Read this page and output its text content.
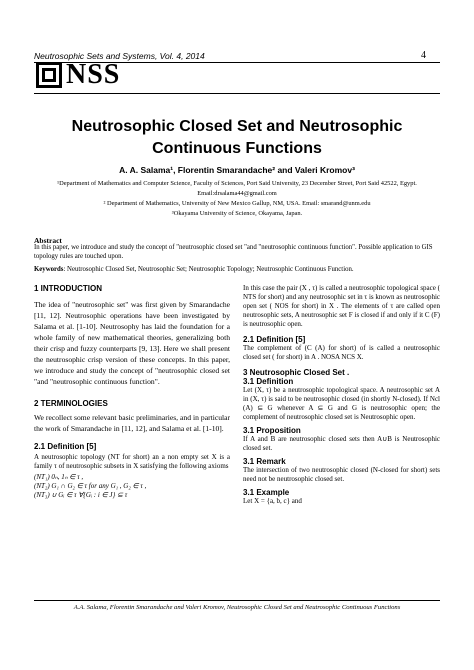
Neutrosophic Sets and Systems, Vol. 4, 2014	4
NSS
Neutrosophic Closed Set and Neutrosophic Continuous Functions
A. A. Salama¹, Florentin Smarandache² and Valeri Kromov³
¹Department of Mathematics and Computer Science, Faculty of Sciences, Port Said University, 23 December Street, Port Said 42522, Egypt.
Email:drsalama44@gmail.com
² Department of Mathematics, University of New Mexico Gallup, NM, USA. Email: smarand@unm.edu
³Okayama University of Science, Okayama, Japan.
Abstract
In this paper, we introduce and study the concept of "neutrosophic closed set "and "neutrosophic continuous function". Possible application to GIS topology rules are touched upon.
Keywords: Neutrosophic Closed Set, Neutrosophic Set; Neutrosophic Topology; Neutrosophic Continuous Function.

1 INTRODUCTION

The idea of "neutrosophic set" was first given by Smarandache [11, 12]. Neutrosophic operations have been investigated by Salama et al. [1-10]. Neutrosophy has laid the foundation for a whole family of new mathematical theories, generalizing both their crisp and fuzzy counterparts [9, 13]. Here we shall present the neutrosophic crisp version of these concepts. In this paper, we introduce and study the concept of "neutrosophic closed set "and "neutrosophic continuous function".

2 TERMINOLOGIES

We recollect some relevant basic preliminaries, and in particular the work of Smarandache in [11, 12], and Salama et al. [1-10].

2.1 Definition [5]

A neutrosophic topology (NT for short) an a non empty set X is a family τ of neutrosophic subsets in X satisfying the following axioms

(NT₁) 0ₙ, 1ₙ ∈ τ ,

(NT₂) G₁ ∩ G₂ ∈ τ for any G₁ , G₂ ∈ τ ,

(NT₃) ∪ Gᵢ ∈ τ ∀{Gᵢ : i ∈ J} ⊆ τ

In this case the pair (X , τ) is called a neutrosophic topological space ( NTS for short) and any neutrosophic set in τ is known as neutrosophic open set ( NOS for short) in X . The elements of τ are called open neutrosophic sets, A neutrosophic set F is closed if and only if it C (F) is neutrosophic open.

2.1 Definition [5]

The complement of (C (A) for short) of is called a neutrosophic closed set ( for short) in A . NOSA NCS X.

3 Neutrosophic Closed Set .

3.1 Definition

Let (X, τ) be a neutrosophic topological space. A neutrosophic set A in (X, τ) is said to be neutrosophic closed (in shortly N-closed). If Ncl (A) ⊆ G whenever A ⊆ G and G is neutrosophic open; the complement of neutrosophic closed set is Neutrosophic open.

3.1 Proposition

If A and B are neutrosophic closed sets then A∪B is Neutrosophic closed set.

3.1 Remark

The intersection of two neutrosophic closed (N-closed for short) sets need not be neutrosophic closed set.

3.1 Example

Let X = {a, b, c} and

A.A. Salama, Florentin Smarandache and Valeri Kromov, Neutrosophic Closed Set and Neutrosophic Continuous Functions
